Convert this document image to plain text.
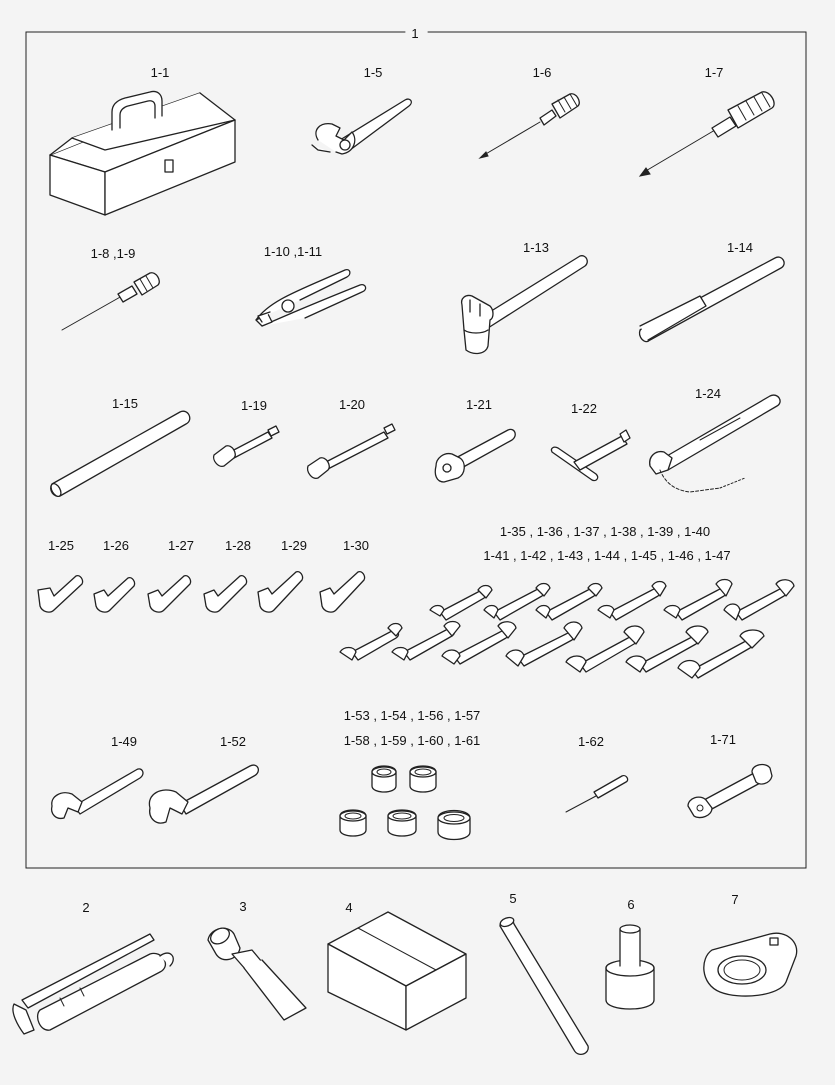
1
1-1	1-5	1-6	1-7
1-8 ,1-9	1-10 ,1-11	1-13	1-14
1-15	1-19	1-20	1-21	1-22
1-24
1-25 1-26	1-27 1-28 1-29	1-30
1-35 , 1-36 , 1-37 , 1-38 , 1-39 , 1-40
1-41 , 1-42 , 1-43 , 1-44 , 1-45 , 1-46 , 1-47
1-49	1-52
1-53 , 1-54 , 1-56 , 1-57
1-58 , 1-59 , 1-60 , 1-61	1-62	1-71
2	3	4
5	6	7
